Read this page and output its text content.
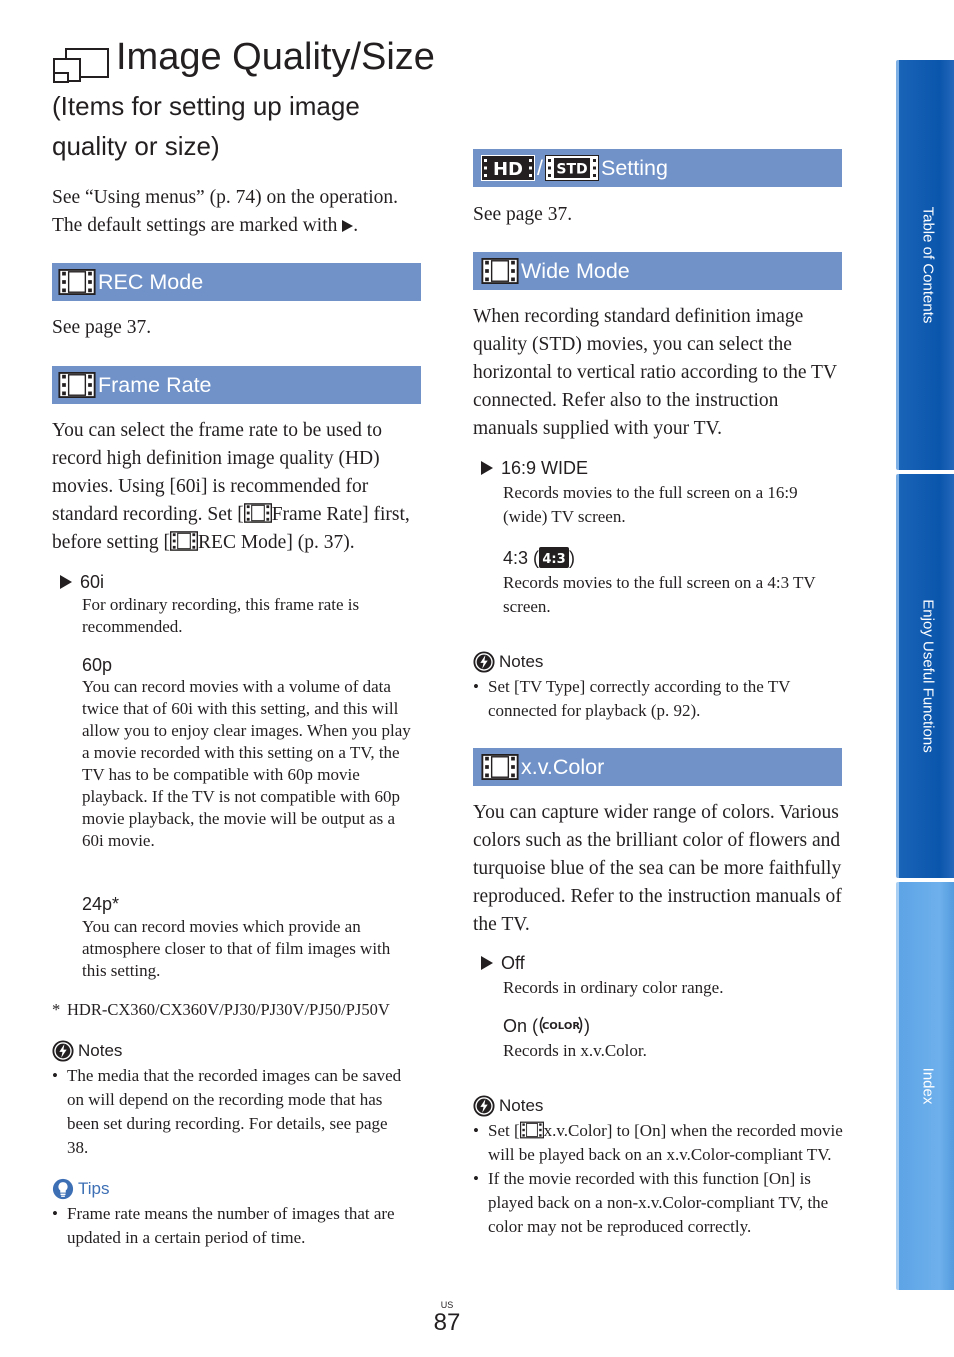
Image Quality/Size
(Items for setting up image quality or size)
See “Using menus” (p. 74) on the operation.
The default settings are marked with .
REC Mode
See page 37.
Frame Rate
You can select the frame rate to be used to record high definition image quality (HD) movies. Using [60i] is recommended for standard recording. Set [ Frame Rate] first, before setting [ REC Mode] (p. 37).
60i
For ordinary recording, this frame rate is recommended.
60p
You can record movies with a volume of data twice that of 60i with this setting, and this will allow you to enjoy clear images. When you play a movie recorded with this setting on a TV, the TV has to be compatible with 60p movie playback. If the TV is not compatible with 60p movie playback, the movie will be output as a 60i movie.
24p*
You can record movies which provide an atmosphere closer to that of film images with this setting.
* HDR-CX360/CX360V/PJ30/PJ30V/PJ50/PJ50V
Notes
• The media that the recorded images can be saved on will depend on the recording mode that has been set during recording. For details, see page 38.
Tips
• Frame rate means the number of images that are updated in a certain period of time.
HD / STD Setting
See page 37.
Wide Mode
When recording standard definition image quality (STD) movies, you can select the horizontal to vertical ratio according to the TV connected. Refer also to the instruction manuals supplied with your TV.
16:9 WIDE
Records movies to the full screen on a 16:9 (wide) TV screen.
4:3 ( 4:3 )
Records movies to the full screen on a 4:3 TV screen.
Notes
• Set [TV Type] correctly according to the TV connected for playback (p. 92).
x.v.Color
You can capture wider range of colors. Various colors such as the brilliant color of flowers and turquoise blue of the sea can be more faithfully reproduced. Refer to the instruction manuals of the TV.
Off
Records in ordinary color range.
On ( COLOR )
Records in x.v.Color.
Notes
• Set [ x.v.Color] to [On] when the recorded movie will be played back on an x.v.Color-compliant TV.
• If the movie recorded with this function [On] is played back on a non-x.v.Color-compliant TV, the color may not be reproduced correctly.
US
87
Table of Contents
Enjoy Useful Functions
Index
